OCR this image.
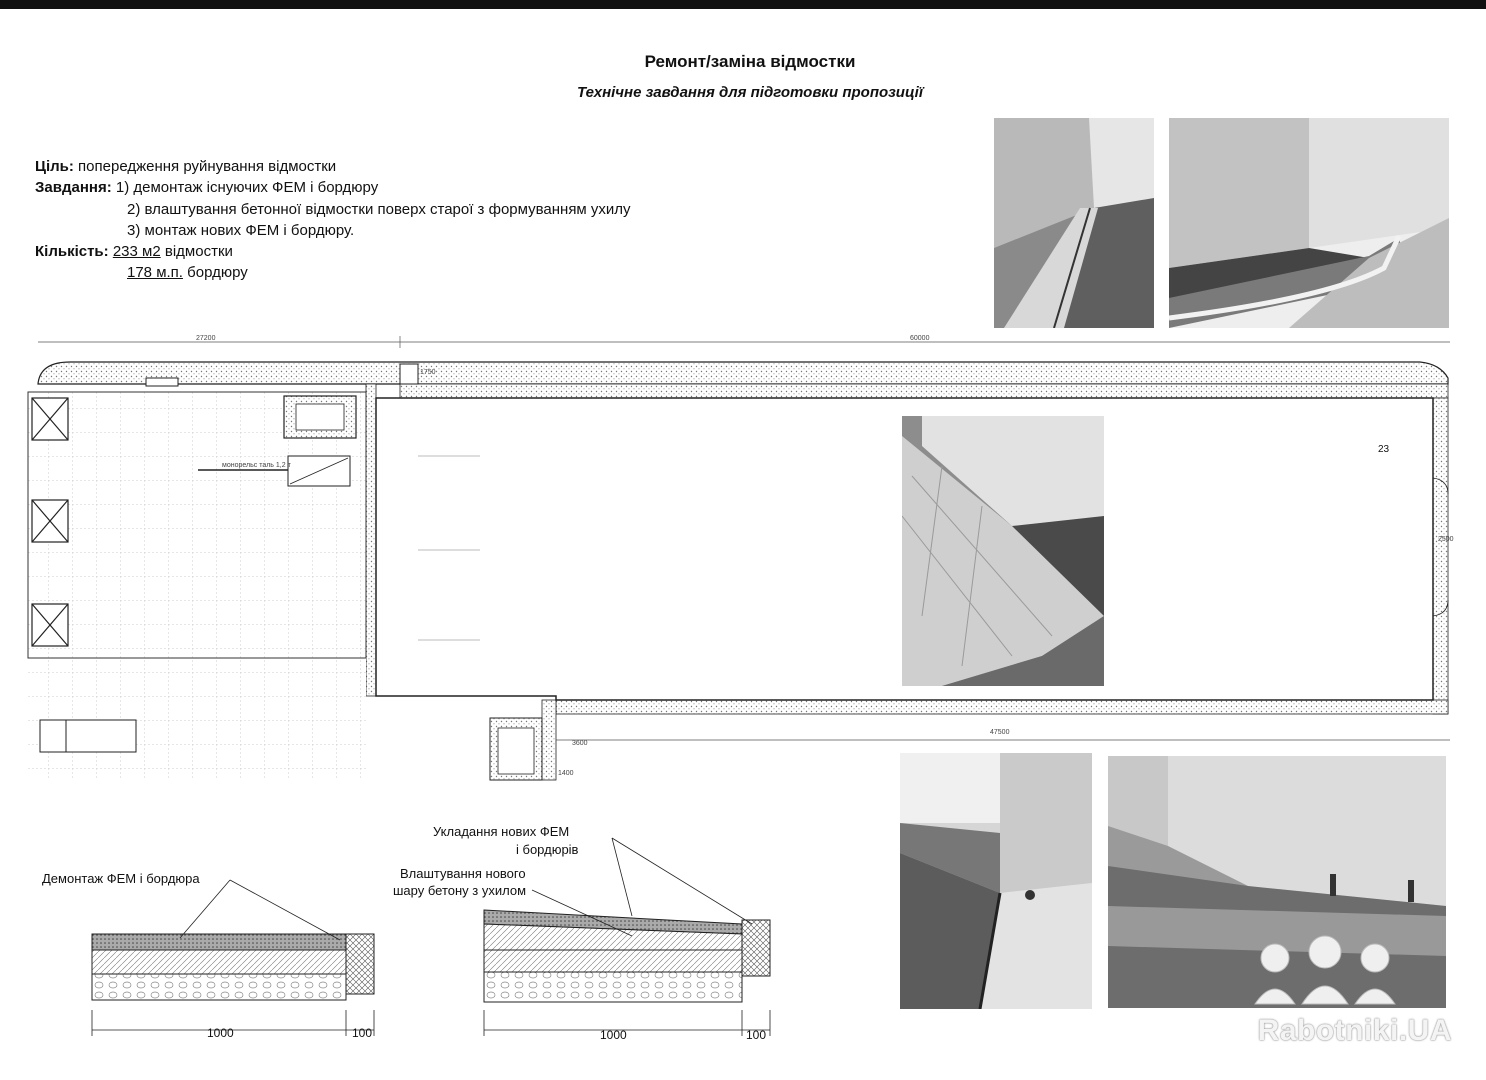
Ремонт/заміна відмостки
Технічне завдання для підготовки пропозиції
Ціль: попередження руйнування відмостки
Завдання: 1) демонтаж існуючих ФЕМ і бордюру
2) влаштування бетонної відмостки поверх старої з формуванням ухилу
3) монтаж нових ФЕМ і бордюру.
Кількість: 233 м2 відмостки
178 м.п. бордюру
27200	60000
47500
монорельс таль 1,2 т
1750
3600
1400
2500
23
Демонтаж ФЕМ і бордюра
1000	100
Укладання нових ФЕМ
і бордюрів
Влаштування нового
шару бетону з ухилом
1000	100	Rabotniki.UA
